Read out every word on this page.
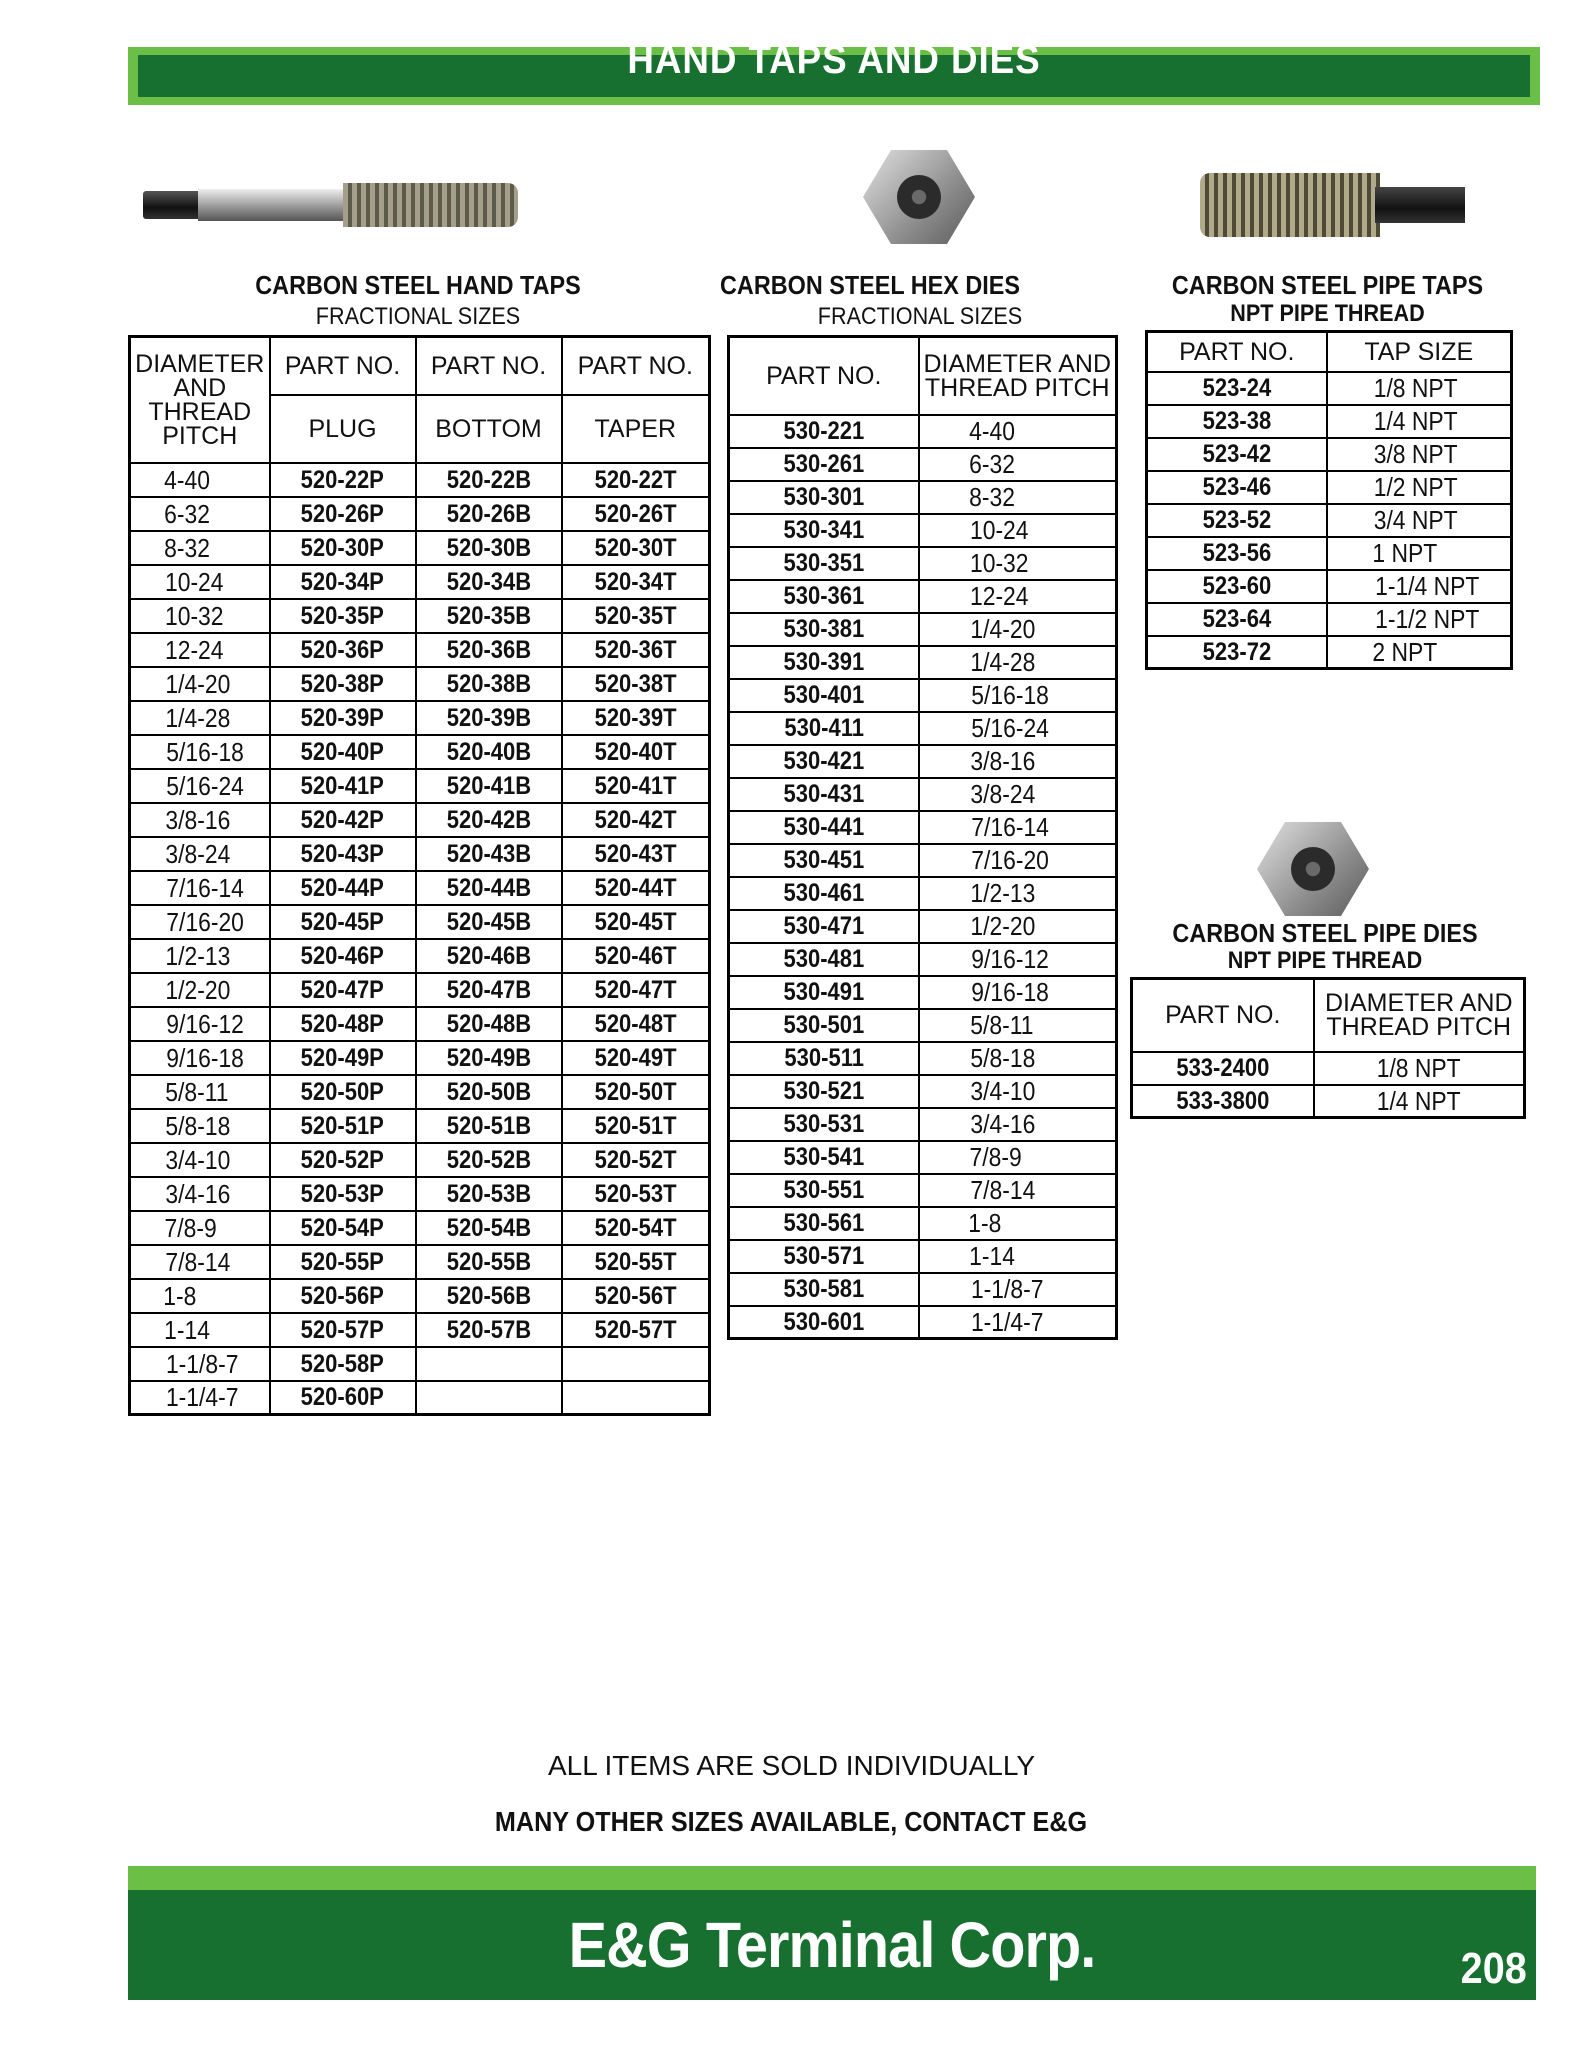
HAND TAPS AND DIES
CARBON STEEL HAND TAPS
FRACTIONAL SIZES
CARBON STEEL HEX DIES
FRACTIONAL SIZES
CARBON STEEL PIPE TAPS
NPT PIPE THREAD
CARBON STEEL PIPE DIES
NPT PIPE THREAD
DIAMETER
AND
THREAD
PITCH	PART NO.	PART NO.	PART NO.
	PLUG	BOTTOM	TAPER
4-40	520-22P	520-22B	520-22T
6-32	520-26P	520-26B	520-26T
8-32	520-30P	520-30B	520-30T
10-24	520-34P	520-34B	520-34T
10-32	520-35P	520-35B	520-35T
12-24	520-36P	520-36B	520-36T
1/4-20	520-38P	520-38B	520-38T
1/4-28	520-39P	520-39B	520-39T
5/16-18	520-40P	520-40B	520-40T
5/16-24	520-41P	520-41B	520-41T
3/8-16	520-42P	520-42B	520-42T
3/8-24	520-43P	520-43B	520-43T
7/16-14	520-44P	520-44B	520-44T
7/16-20	520-45P	520-45B	520-45T
1/2-13	520-46P	520-46B	520-46T
1/2-20	520-47P	520-47B	520-47T
9/16-12	520-48P	520-48B	520-48T
9/16-18	520-49P	520-49B	520-49T
5/8-11	520-50P	520-50B	520-50T
5/8-18	520-51P	520-51B	520-51T
3/4-10	520-52P	520-52B	520-52T
3/4-16	520-53P	520-53B	520-53T
7/8-9	520-54P	520-54B	520-54T
7/8-14	520-55P	520-55B	520-55T
1-8	520-56P	520-56B	520-56T
1-14	520-57P	520-57B	520-57T
1-1/8-7	520-58P		
1-1/4-7	520-60P		
PART NO.	DIAMETER AND
THREAD PITCH

530-221	4-40
530-261	6-32
530-301	8-32
530-341	10-24
530-351	10-32
530-361	12-24
530-381	1/4-20
530-391	1/4-28
530-401	5/16-18
530-411	5/16-24
530-421	3/8-16
530-431	3/8-24
530-441	7/16-14
530-451	7/16-20
530-461	1/2-13
530-471	1/2-20
530-481	9/16-12
530-491	9/16-18
530-501	5/8-11
530-511	5/8-18
530-521	3/4-10
530-531	3/4-16
530-541	7/8-9
530-551	7/8-14
530-561	1-8
530-571	1-14
530-581	1-1/8-7
530-601	1-1/4-7
PART NO.	TAP SIZE
523-24	1/8 NPT
523-38	1/4 NPT
523-42	3/8 NPT
523-46	1/2 NPT
523-52	3/4 NPT
523-56	1 NPT
523-60	1-1/4 NPT
523-64	1-1/2 NPT
523-72	2 NPT
PART NO.	DIAMETER AND
THREAD PITCH

533-2400	1/8 NPT
533-3800	1/4 NPT
ALL ITEMS ARE SOLD INDIVIDUALLY
MANY OTHER SIZES AVAILABLE, CONTACT E&G
E&G Terminal Corp.	208
